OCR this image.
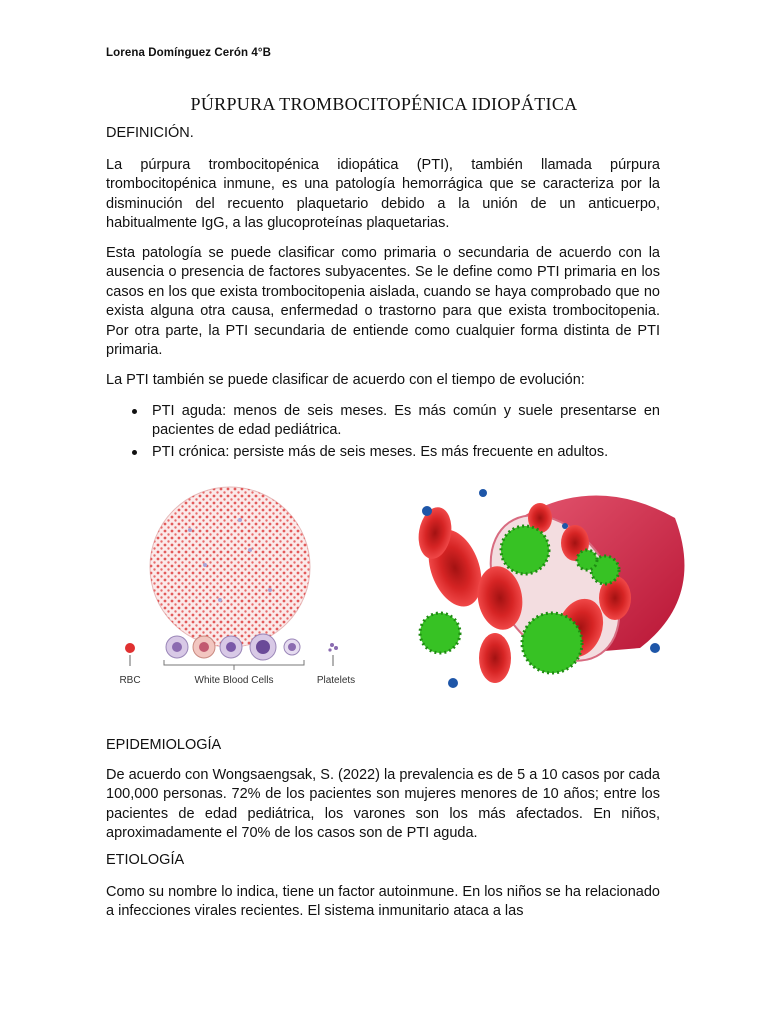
Lorena Domínguez Cerón 4°B
PÚRPURA TROMBOCITOPÉNICA IDIOPÁTICA
DEFINICIÓN.

La púrpura trombocitopénica idiopática (PTI), también llamada púrpura trombocitopénica inmune, es una patología hemorrágica que se caracteriza por la disminución del recuento plaquetario debido a la unión de un anticuerpo, habitualmente IgG, a las glucoproteínas plaquetarias.

Esta patología se puede clasificar como primaria o secundaria de acuerdo con la ausencia o presencia de factores subyacentes. Se le define como PTI primaria en los casos en los que exista trombocitopenia aislada, cuando se haya comprobado que no exista alguna otra causa, enfermedad o trastorno para que exista trombocitopenia. Por otra parte, la PTI secundaria de entiende como cualquier forma distinta de PTI primaria.

La PTI también se puede clasificar de acuerdo con el tiempo de evolución:

PTI aguda: menos de seis meses. Es más común y suele presentarse en pacientes de edad pediátrica.
PTI crónica: persiste más de seis meses. Es más frecuente en adultos.
RBC	White Blood Cells	Platelets
EPIDEMIOLOGÍA

De acuerdo con Wongsaengsak, S. (2022) la prevalencia es de 5 a 10 casos por cada 100,000 personas. 72% de los pacientes son mujeres menores de 10 años; entre los pacientes de edad pediátrica, los varones son los más afectados. En niños, aproximadamente el 70% de los casos son de PTI aguda.

ETIOLOGÍA

Como su nombre lo indica, tiene un factor autoinmune. En los niños se ha relacionado a infecciones virales recientes. El sistema inmunitario ataca a las
